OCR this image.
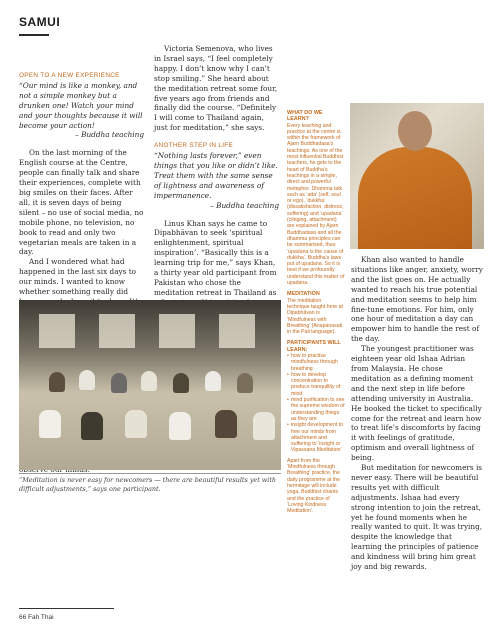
SAMUI

OPEN TO A NEW EXPERIENCE

“Our mind is like a monkey, and not a simple monkey but a drunken one! Watch your mind and your thoughts because it will become your action!

– Buddha teaching

On the last morning of the English course at the Centre, people can finally talk and share their experiences, complete with big smiles on their faces. After all, it is seven days of being silent – no use of social media, no mobile phone, no television, no book to read and only two vegetarian meals are taken in a day.

And I wondered what had happened in the last six days to our minds. I wanted to know whether something really did

Victoria Semenova, who lives in Israel says, “I feel completely happy. I don’t know why I can’t stop smiling.” She heard about the meditation retreat some four, five years ago from friends and finally did the course. “Definitely I will come to Thailand again, just for meditation,” she says.

ANOTHER STEP IN LIFE

“Nothing lasts forever,” even things that you like or didn’t like. Treat them with the same sense of lightness and awareness of impermanence.

– Buddha teaching

Linus Khan says he came to Dipabhāvan to seek ‘spiritual enlightenment, spiritual inspiration’. “Basically this is a learning trip for me,” says Khan, a thirty year old participant from Pakistan who chose the meditation retreat in Thailand as

WHAT DO WE LEARN?

Every teaching and practice at the centre is within the framework of Ajarn Buddhadasa’s teachings. As one of the most influential Buddhist teachers, he gets to the heart of Buddha’s teachings in a simple, direct and powerful metaphor. Dhamma talk such as ‘atta’ (self, soul or ego), ‘dukkha’ (dissatisfaction, distress, suffering) and ‘upadana’ (clinging, attachment) are explained by Ajarn Buddhadasa and all the dhamma principles can be summarised, thus: ‘upadana is the cause of dukkha’. Buddha’s laws put of upadana. So it is best if we profoundly understand this matter of upadana.

MEDITATION

The meditation technique taught here at Dipabhāvan is ‘Mindfulness with Breathing’ (Anapanasati in the Pali language).

PARTICIPANTS WILL LEARN:

• how to practise mindfulness through breathing
• how to develop concentration to produce tranquillity of mind
• mind purification to see the supreme wisdom of understanding things as they are
• insight development to free our minds from attachment and suffering to ‘insight or Vipassana Meditation’

Apart from the ‘Mindfulness through Breathing’ practice, the daily programme at the hermitage will include yoga, Buddhist chants and the practice of ‘Loving Kindness Meditation’.

Khan also wanted to handle situations like anger, anxiety, worry and the list goes on. He actually wanted to reach his true potential and meditation seems to help him fine-tune emotions. For him, only one hour of meditation a day can empower him to handle the rest of the day.

The youngest practitioner was eighteen year old Ishaa Adrian from Malaysia. He chose meditation as a defining moment and the next step in life before attending university in Australia. He booked the ticket to specifically come for the retreat and learn how to treat life’s discomforts by facing it with feelings of gratitude, optimism and overall lightness of being.

But meditation for newcomers is never easy. There will be beautiful results yet with difficult adjustments. Ishaa had every strong intention to join the retreat, yet he found moments when he really wanted to quit. It was trying, despite the knowledge that learning the principles of patience and kindness will bring him great joy and big rewards.

“Meditation is never easy for newcomers — there are beautiful results yet with difficult adjustments,” says one participant.
66 Fah Thai
